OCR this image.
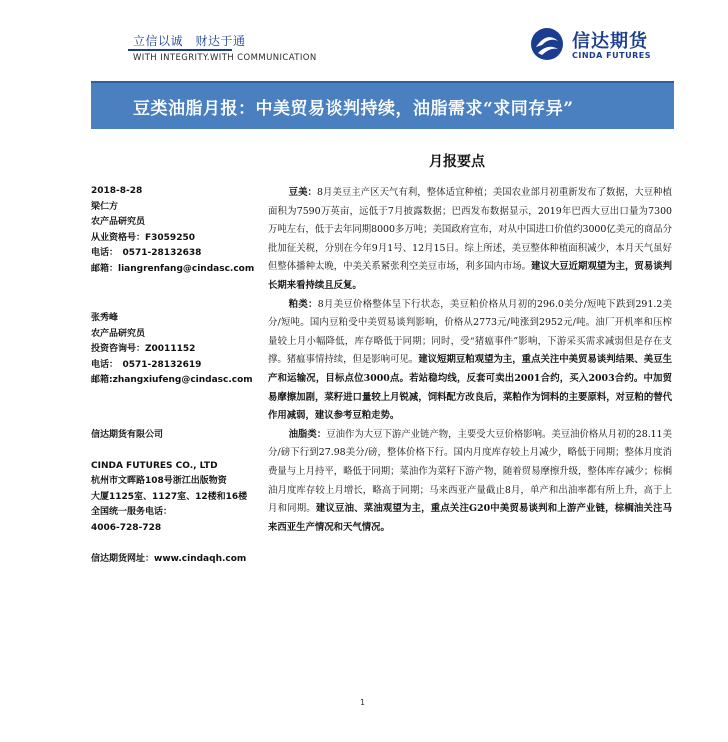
立信以诚　财达于通
WITH INTEGRITY.WITH COMMUNICATION
信达期货
CINDA FUTURES
豆类油脂月报：中美贸易谈判持续，油脂需求“求同存异”
月报要点
2018-8-28
梁仁方
农产品研究员
从业资格号：F3059250
电话：　0571-28132638
邮箱：liangrenfang@cindasc.com
张秀峰
农产品研究员
投资咨询号：Z0011152
电话：　0571-28132619
邮箱:zhangxiufeng@cindasc.com
信达期货有限公司
CINDA FUTURES CO., LTD
杭州市文晖路108号浙江出版物资
大厦1125室、1127室、12楼和16楼
全国统一服务电话：
4006-728-728
信达期货网址：www.cindaqh.com

豆美：8月美豆主产区天气有利，整体适宜种植；美国农业部月初重新发布了数据，大豆种植面积为7590万英亩，远低于7月披露数据；巴西发布数据显示，2019年巴西大豆出口量为7300万吨左右，低于去年同期8000多万吨；美国政府宣布，对从中国进口价值约3000亿美元的商品分批加征关税，分别在今年9月1号、12月15日。综上所述，美豆整体种植面积减少，本月天气虽好但整体播种太晚，中美关系紧张利空美豆市场，利多国内市场。建议大豆近期观望为主，贸易谈判长期来看持续且反复。

粕类：8月美豆价格整体呈下行状态，美豆粕价格从月初的296.0美分/短吨下跌到291.2美分/短吨。国内豆粕受中美贸易谈判影响，价格从2773元/吨涨到2952元/吨。油厂开机率和压榨量较上月小幅降低，库存略低于同期；同时，受“猪瘟事件”影响，下游采买需求减弱但是存在支撑。猪瘟事情持续，但是影响可见。建议短期豆粕观望为主，重点关注中美贸易谈判结果、美豆生产和运输况，目标点位3000点。若站稳均线，反套可卖出2001合约，买入2003合约。中加贸易摩擦加剧，菜籽进口量较上月锐减，饲料配方改良后，菜粕作为饲料的主要原料，对豆粕的替代作用减弱，建议参考豆粕走势。

油脂类：豆油作为大豆下游产业链产物，主要受大豆价格影响。美豆油价格从月初的28.11美分/磅下行到27.98美分/磅，整体价格下行。国内月度库存较上月减少，略低于同期；整体月度消费量与上月持平，略低于同期；菜油作为菜籽下游产物，随着贸易摩擦升级，整体库存减少；棕榈油月度库存较上月增长，略高于同期；马来西亚产量截止8月，单产和出油率都有所上升，高于上月和同期。建议豆油、菜油观望为主，重点关注G20中美贸易谈判和上游产业链，棕榈油关注马来西亚生产情况和天气情况。

1
